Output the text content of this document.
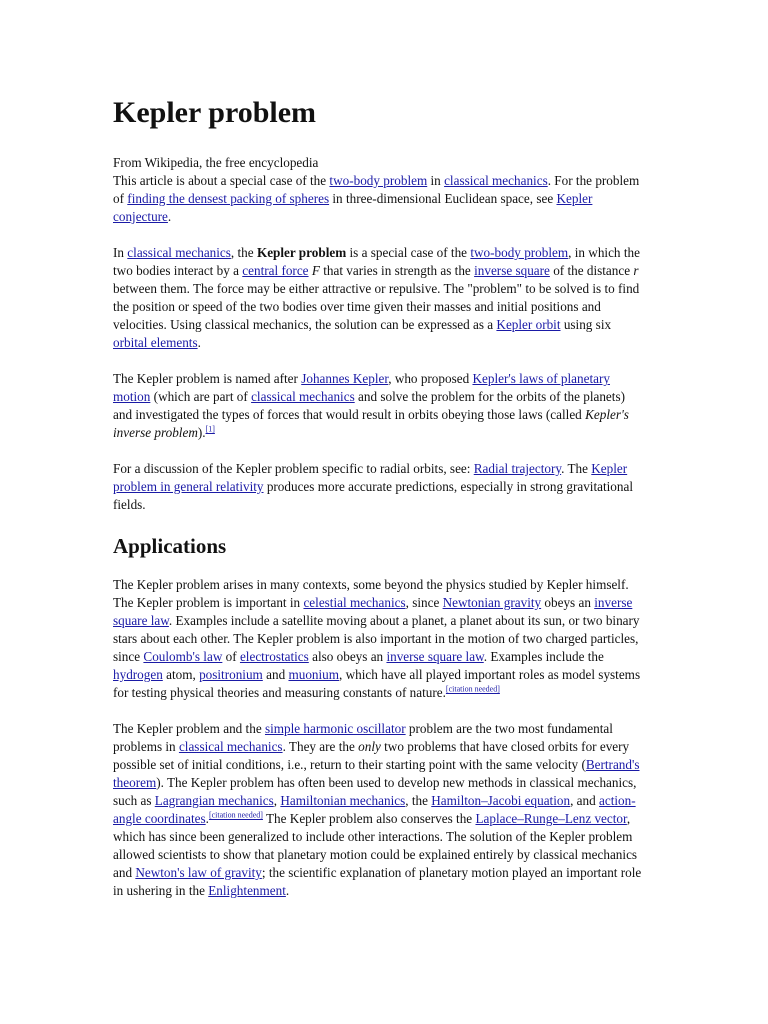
Kepler problem
From Wikipedia, the free encyclopedia

This article is about a special case of the two-body problem in classical mechanics. For the problem of finding the densest packing of spheres in three-dimensional Euclidean space, see Kepler conjecture.

In classical mechanics, the Kepler problem is a special case of the two-body problem, in which the two bodies interact by a central force F that varies in strength as the inverse square of the distance r between them. The force may be either attractive or repulsive. The "problem" to be solved is to find the position or speed of the two bodies over time given their masses and initial positions and velocities. Using classical mechanics, the solution can be expressed as a Kepler orbit using six orbital elements.

The Kepler problem is named after Johannes Kepler, who proposed Kepler's laws of planetary motion (which are part of classical mechanics and solve the problem for the orbits of the planets) and investigated the types of forces that would result in orbits obeying those laws (called Kepler's inverse problem).[1]

For a discussion of the Kepler problem specific to radial orbits, see: Radial trajectory. The Kepler problem in general relativity produces more accurate predictions, especially in strong gravitational fields.

Applications

The Kepler problem arises in many contexts, some beyond the physics studied by Kepler himself. The Kepler problem is important in celestial mechanics, since Newtonian gravity obeys an inverse square law. Examples include a satellite moving about a planet, a planet about its sun, or two binary stars about each other. The Kepler problem is also important in the motion of two charged particles, since Coulomb's law of electrostatics also obeys an inverse square law. Examples include the hydrogen atom, positronium and muonium, which have all played important roles as model systems for testing physical theories and measuring constants of nature.[citation needed]

The Kepler problem and the simple harmonic oscillator problem are the two most fundamental problems in classical mechanics. They are the only two problems that have closed orbits for every possible set of initial conditions, i.e., return to their starting point with the same velocity (Bertrand's theorem). The Kepler problem has often been used to develop new methods in classical mechanics, such as Lagrangian mechanics, Hamiltonian mechanics, the Hamilton–Jacobi equation, and action-angle coordinates.[citation needed] The Kepler problem also conserves the Laplace–Runge–Lenz vector, which has since been generalized to include other interactions. The solution of the Kepler problem allowed scientists to show that planetary motion could be explained entirely by classical mechanics and Newton's law of gravity; the scientific explanation of planetary motion played an important role in ushering in the Enlightenment.
